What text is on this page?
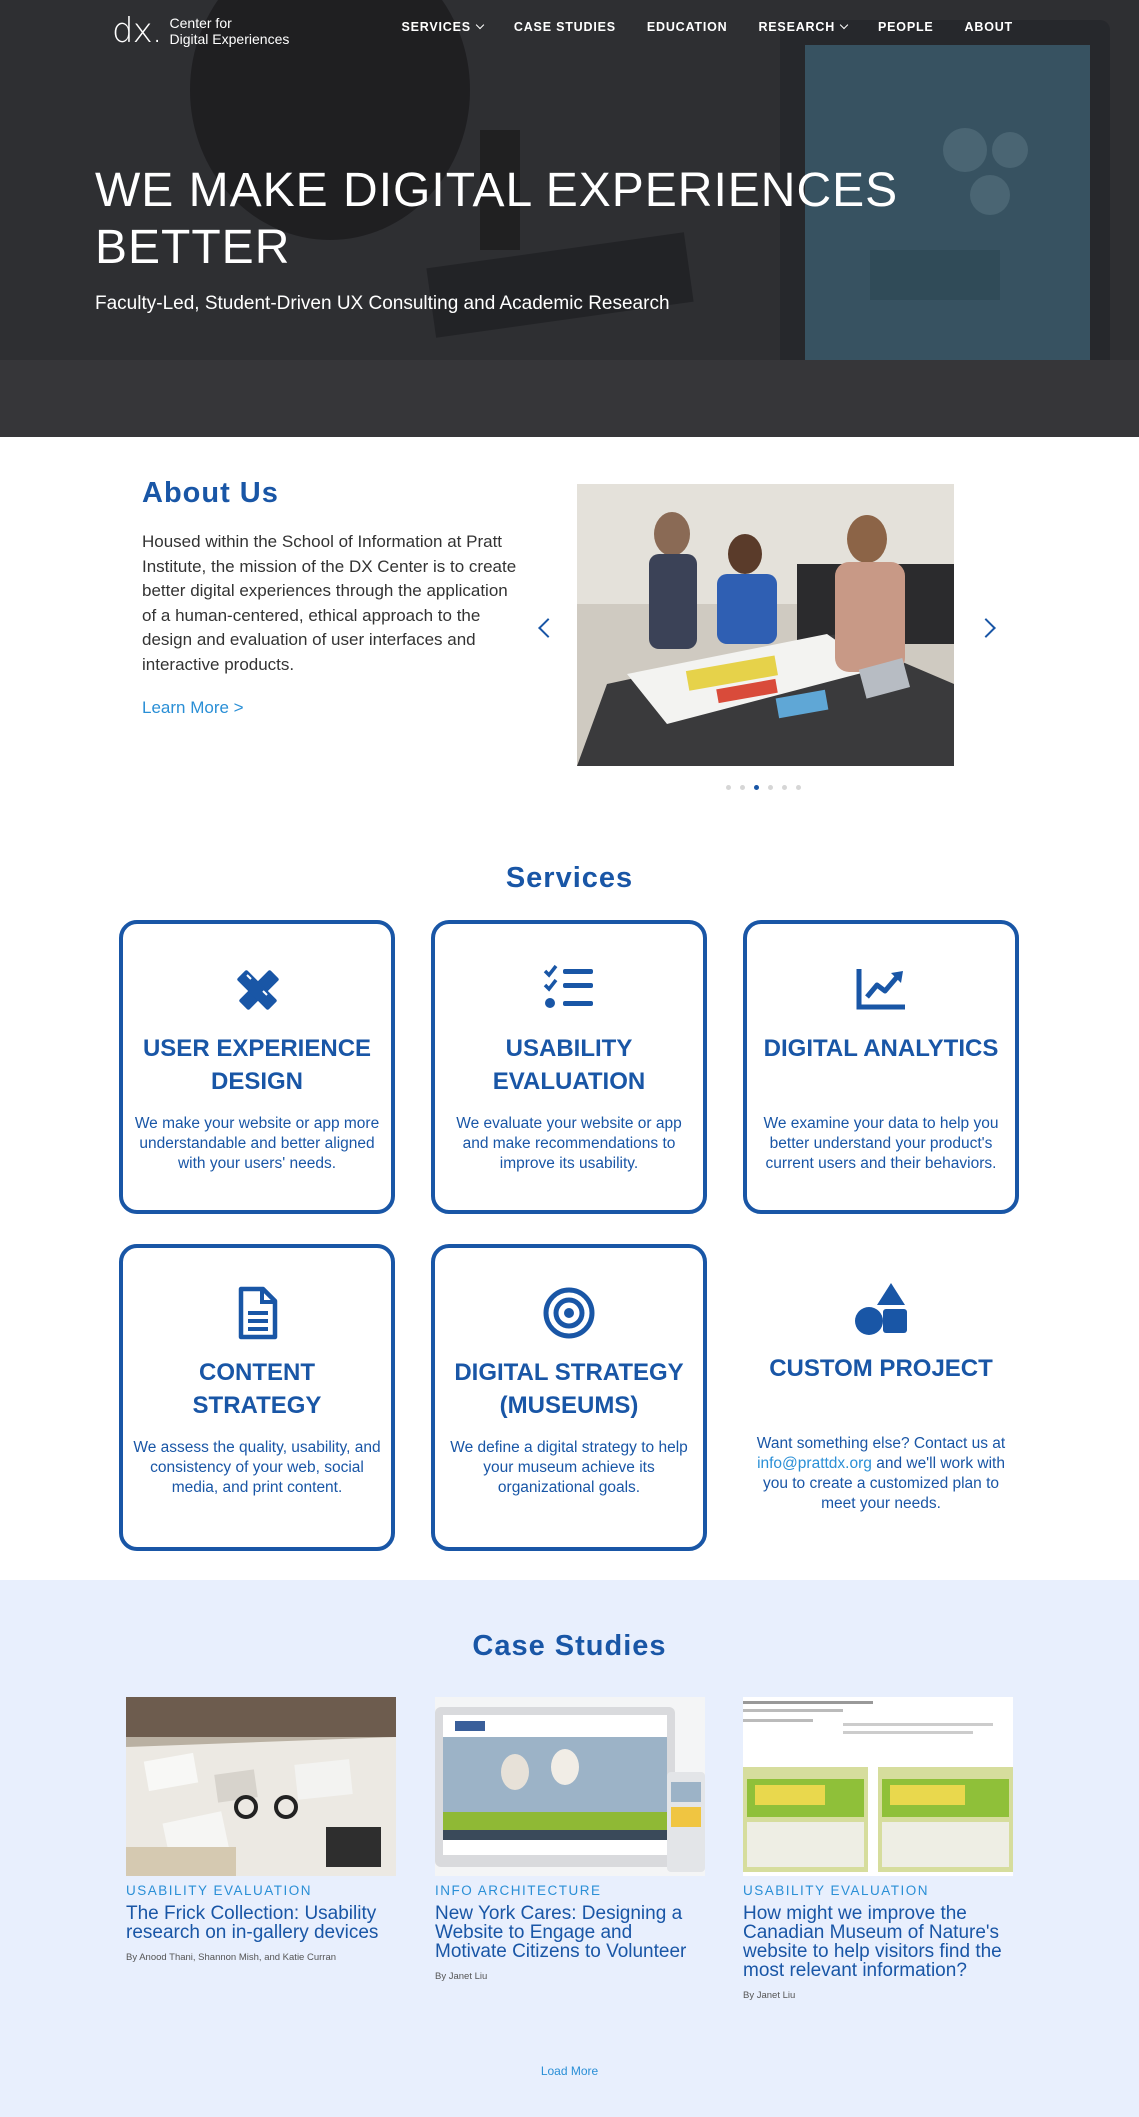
dx. Center for
Digital Experiences
SERVICES	CASE STUDIES EDUCATION RESEARCH	PEOPLE ABOUT
WE MAKE DIGITAL EXPERIENCES BETTER

Faculty-Led, Student-Driven UX Consulting and Academic Research

About Us

Housed within the School of Information at Pratt Institute, the mission of the DX Center is to create better digital experiences through the application of a human-centered, ethical approach to the design and evaluation of user interfaces and interactive products.

Learn More >
Services
USER EXPERIENCE DESIGN
We make your website or app more understandable and better aligned with your users' needs.
USABILITY EVALUATION
We evaluate your website or app and make recommendations to improve its usability.
DIGITAL ANALYTICS
We examine your data to help you better understand your product's current users and their behaviors.
CONTENT STRATEGY
We assess the quality, usability, and consistency of your web, social media, and print content.
DIGITAL STRATEGY (MUSEUMS)
We define a digital strategy to help your museum achieve its organizational goals.
CUSTOM PROJECT
Want something else? Contact us at info@prattdx.org and we'll work with you to create a customized plan to meet your needs.
Case Studies
USABILITY EVALUATION
The Frick Collection: Usability research on in-gallery devices
By Anood Thani, Shannon Mish, and Katie Curran
INFO ARCHITECTURE
New York Cares: Designing a Website to Engage and Motivate Citizens to Volunteer
By Janet Liu
USABILITY EVALUATION
How might we improve the Canadian Museum of Nature's website to help visitors find the most relevant information?
By Janet Liu
Load More
